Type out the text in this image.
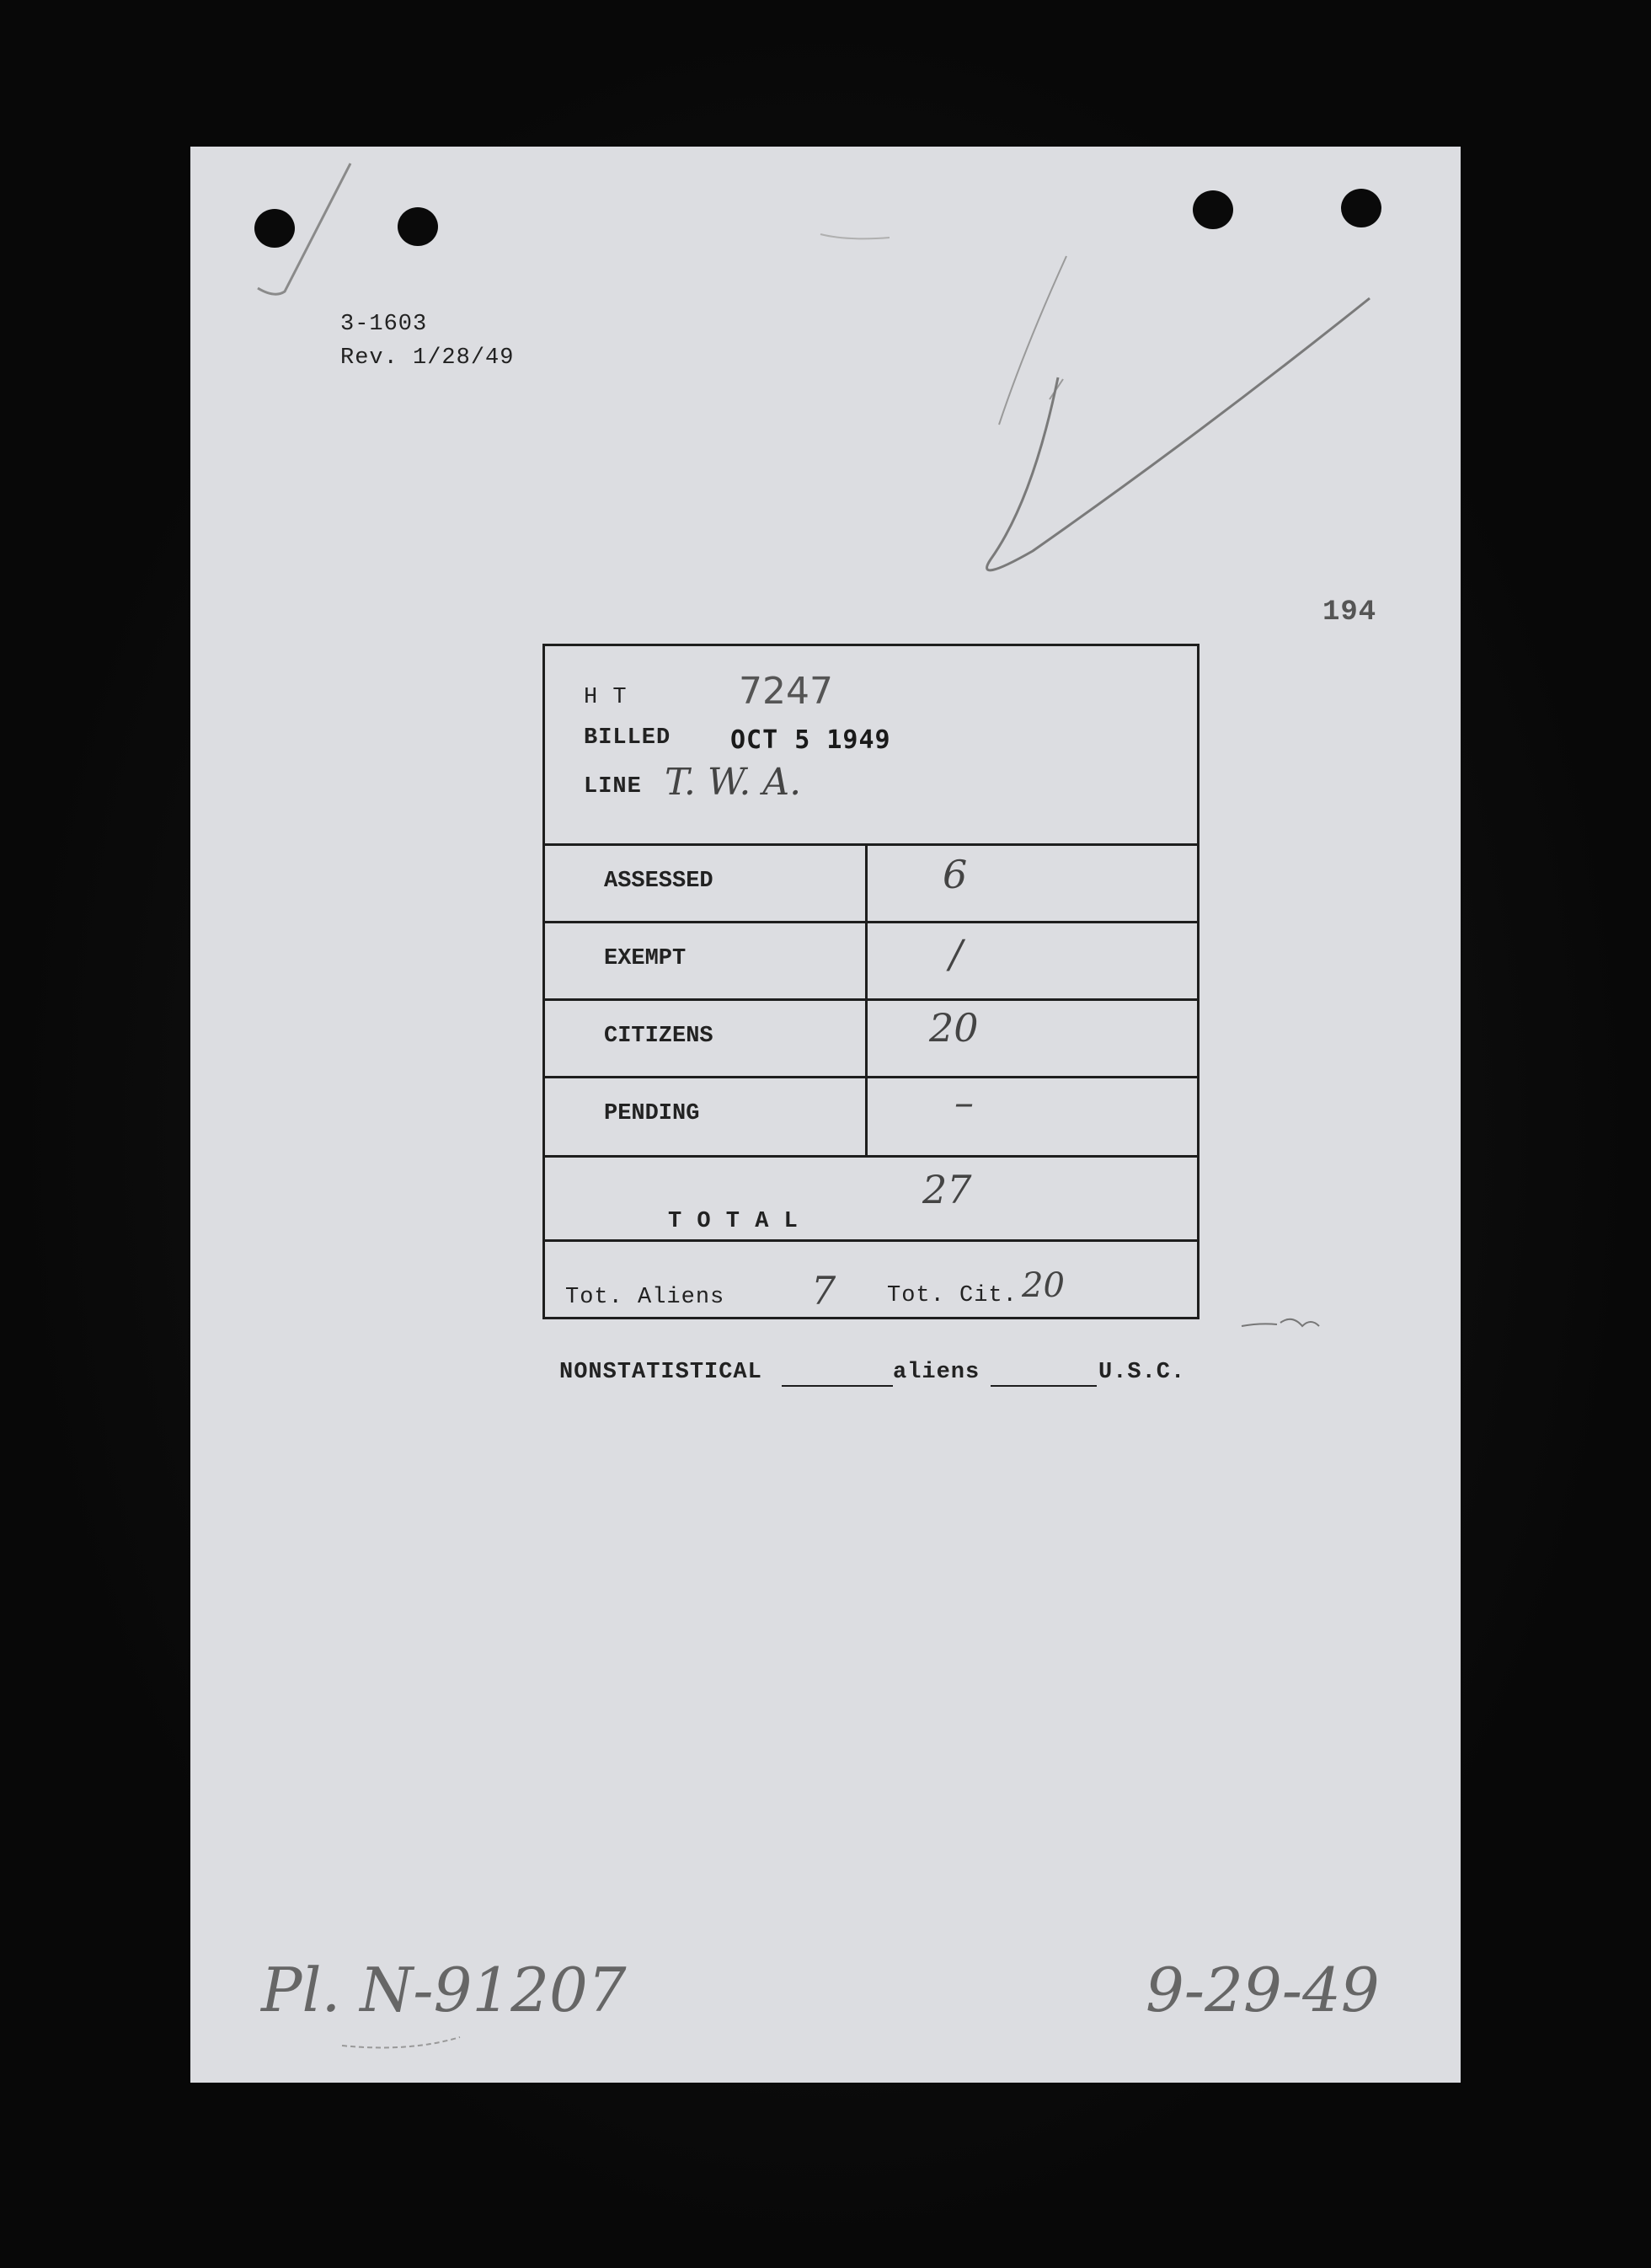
3-1603
Rev. 1/28/49
194
H T	7247
BILLED OCT 5 1949
LINE T. W. A.
ASSESSED	6
EXEMPT	/
CITIZENS	20
PENDING	–
T O T A L
27
Tot. Aliens 7 Tot. Cit. 20
NONSTATISTICAL	aliens	U.S.C.
Pl. N-91207	9-29-49
